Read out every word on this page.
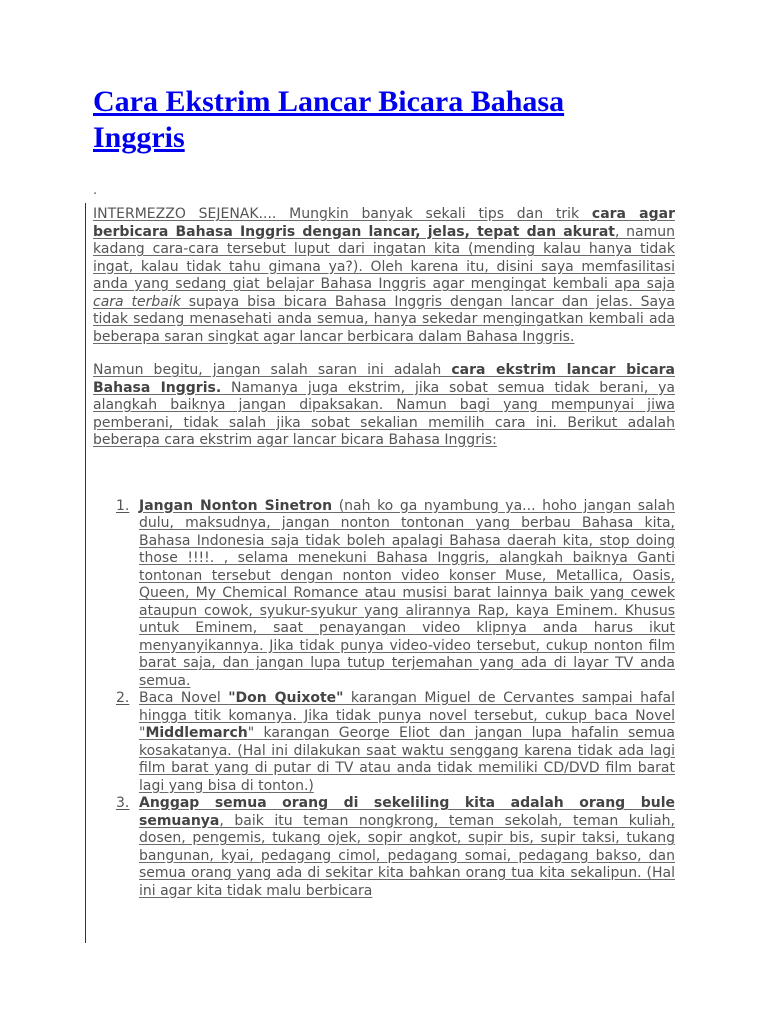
Cara Ekstrim Lancar Bicara Bahasa Inggris
.

INTERMEZZO SEJENAK.... Mungkin banyak sekali tips dan trik cara agar berbicara Bahasa Inggris dengan lancar, jelas, tepat dan akurat, namun kadang cara-cara tersebut luput dari ingatan kita (mending kalau hanya tidak ingat, kalau tidak tahu gimana ya?). Oleh karena itu, disini saya memfasilitasi anda yang sedang giat belajar Bahasa Inggris agar mengingat kembali apa saja cara terbaik supaya bisa bicara Bahasa Inggris dengan lancar dan jelas. Saya tidak sedang menasehati anda semua, hanya sekedar mengingatkan kembali ada beberapa saran singkat agar lancar berbicara dalam Bahasa Inggris.

Namun begitu, jangan salah saran ini adalah cara ekstrim lancar bicara Bahasa Inggris. Namanya juga ekstrim, jika sobat semua tidak berani, ya alangkah baiknya jangan dipaksakan. Namun bagi yang mempunyai jiwa pemberani, tidak salah jika sobat sekalian memilih cara ini. Berikut adalah beberapa cara ekstrim agar lancar bicara Bahasa Inggris:

1. Jangan Nonton Sinetron (nah ko ga nyambung ya... hoho jangan salah dulu, maksudnya, jangan nonton tontonan yang berbau Bahasa kita, Bahasa Indonesia saja tidak boleh apalagi Bahasa daerah kita, stop doing those !!!!. , selama menekuni Bahasa Inggris, alangkah baiknya Ganti tontonan tersebut dengan nonton video konser Muse, Metallica, Oasis, Queen, My Chemical Romance atau musisi barat lainnya baik yang cewek ataupun cowok, syukur-syukur yang alirannya Rap, kaya Eminem. Khusus untuk Eminem, saat penayangan video klipnya anda harus ikut menyanyikannya. Jika tidak punya video-video tersebut, cukup nonton film barat saja, dan jangan lupa tutup terjemahan yang ada di layar TV anda semua.
2. Baca Novel "Don Quixote" karangan Miguel de Cervantes sampai hafal hingga titik komanya. Jika tidak punya novel tersebut, cukup baca Novel "Middlemarch" karangan George Eliot dan jangan lupa hafalin semua kosakatanya. (Hal ini dilakukan saat waktu senggang karena tidak ada lagi film barat yang di putar di TV atau anda tidak memiliki CD/DVD film barat lagi yang bisa di tonton.)
3. Anggap semua orang di sekeliling kita adalah orang bule semuanya, baik itu teman nongkrong, teman sekolah, teman kuliah, dosen, pengemis, tukang ojek, sopir angkot, supir bis, supir taksi, tukang bangunan, kyai, pedagang cimol, pedagang somai, pedagang bakso, dan semua orang yang ada di sekitar kita bahkan orang tua kita sekalipun. (Hal ini agar kita tidak malu berbicara
